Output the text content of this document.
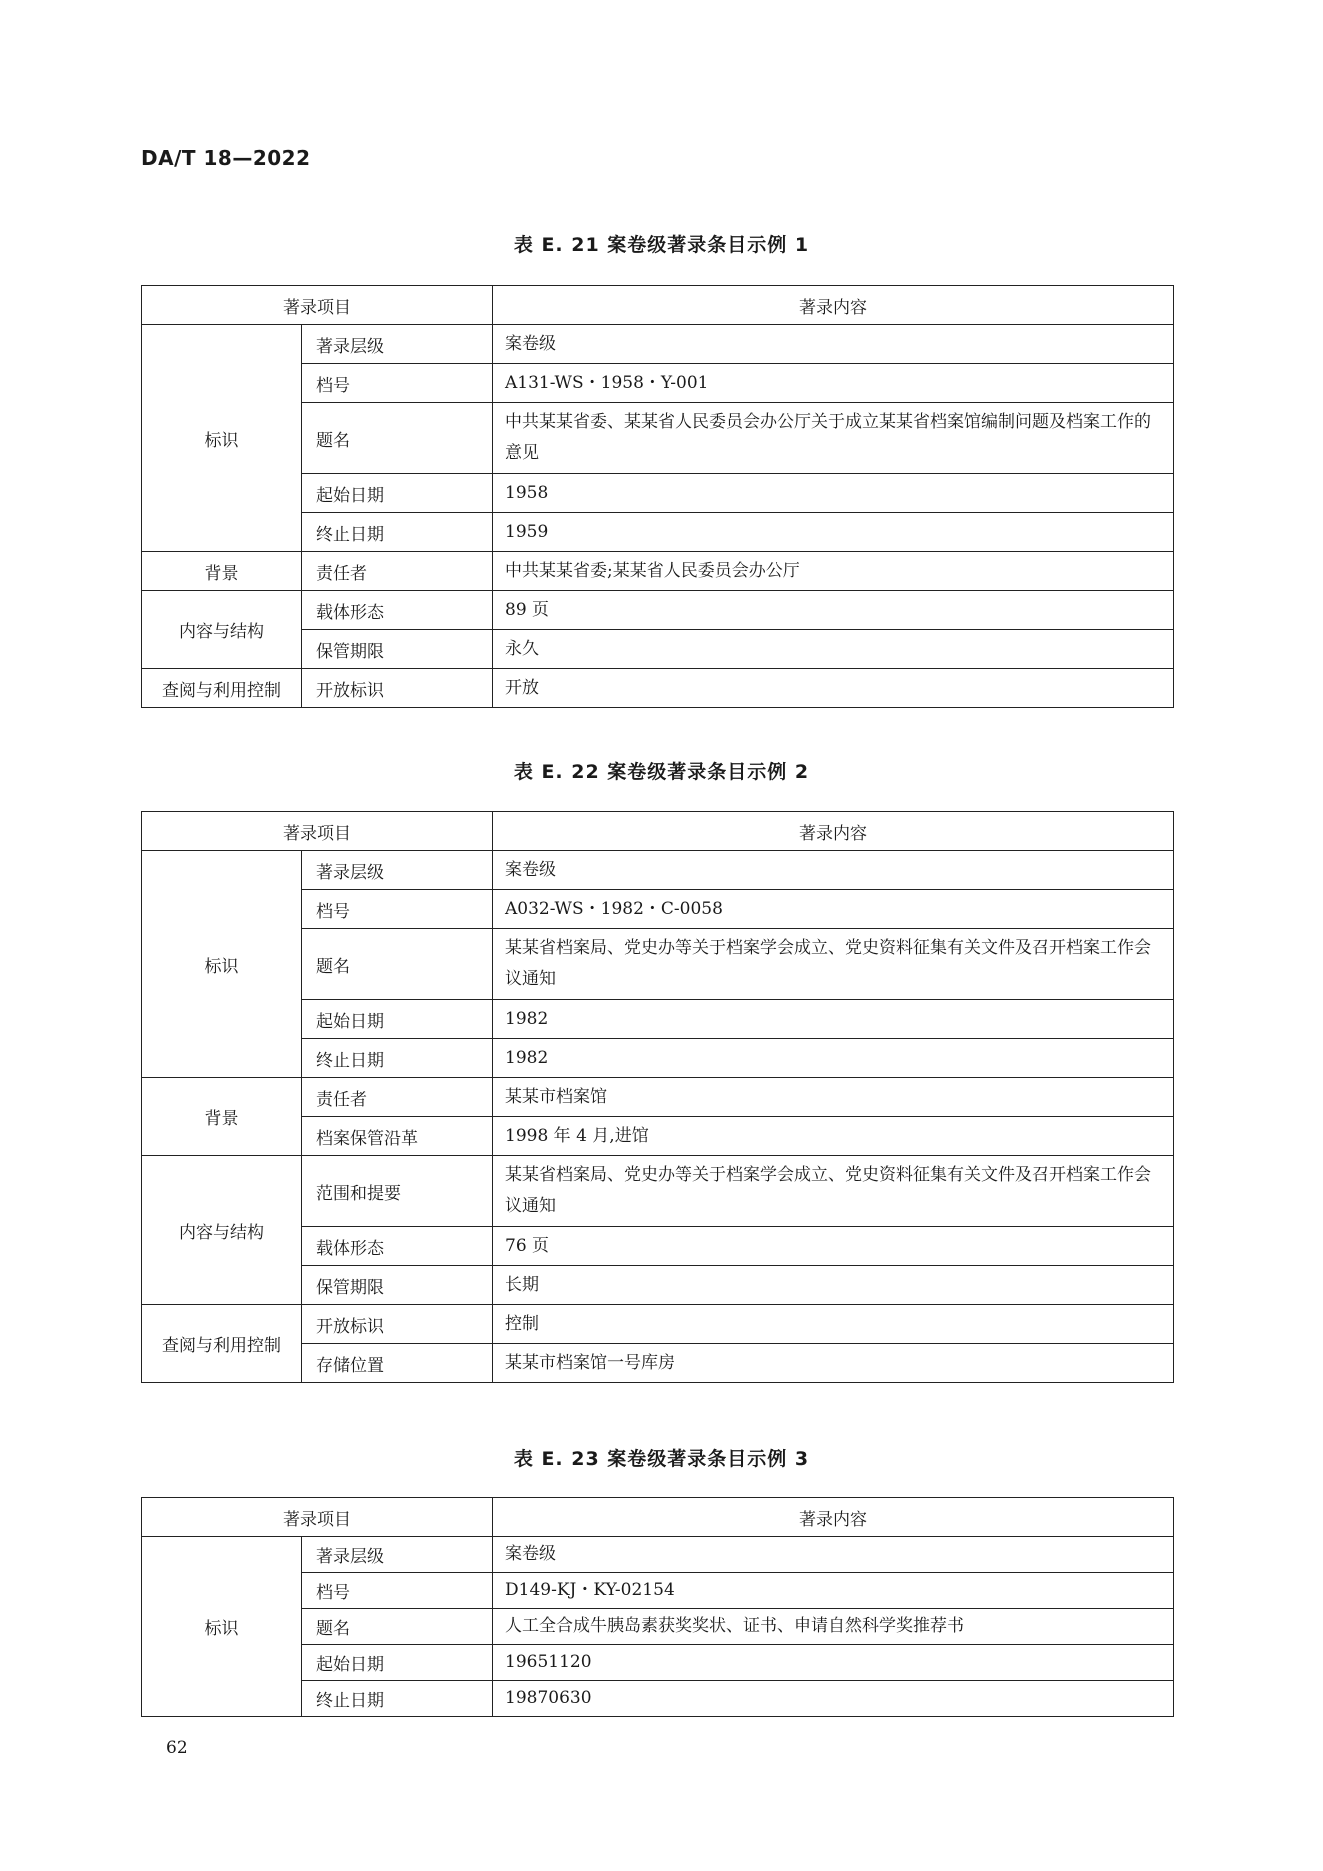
DA/T 18—2022
表 E. 21 案卷级著录条目示例 1
著录项目		著录内容
标识	著录层级	案卷级
	档号	A131-WS・1958・Y-001
	题名	中共某某省委、某某省人民委员会办公厅关于成立某某省档案馆编制问题及档案工作的意见
	起始日期	1958
	终止日期	1959
背景	责任者	中共某某省委;某某省人民委员会办公厅
内容与结构	载体形态	89 页
	保管期限	永久
查阅与利用控制	开放标识	开放
表 E. 22 案卷级著录条目示例 2
著录项目		著录内容
标识	著录层级	案卷级
	档号	A032-WS・1982・C-0058
	题名	某某省档案局、党史办等关于档案学会成立、党史资料征集有关文件及召开档案工作会议通知
	起始日期	1982
	终止日期	1982
背景	责任者	某某市档案馆
	档案保管沿革	1998 年 4 月,进馆
内容与结构	范围和提要	某某省档案局、党史办等关于档案学会成立、党史资料征集有关文件及召开档案工作会议通知
	载体形态	76 页
	保管期限	长期
查阅与利用控制	开放标识	控制
	存储位置	某某市档案馆一号库房
表 E. 23 案卷级著录条目示例 3
著录项目		著录内容
标识	著录层级	案卷级
	档号	D149-KJ・KY-02154
	题名	人工全合成牛胰岛素获奖奖状、证书、申请自然科学奖推荐书
	起始日期	19651120
	终止日期	19870630
62
